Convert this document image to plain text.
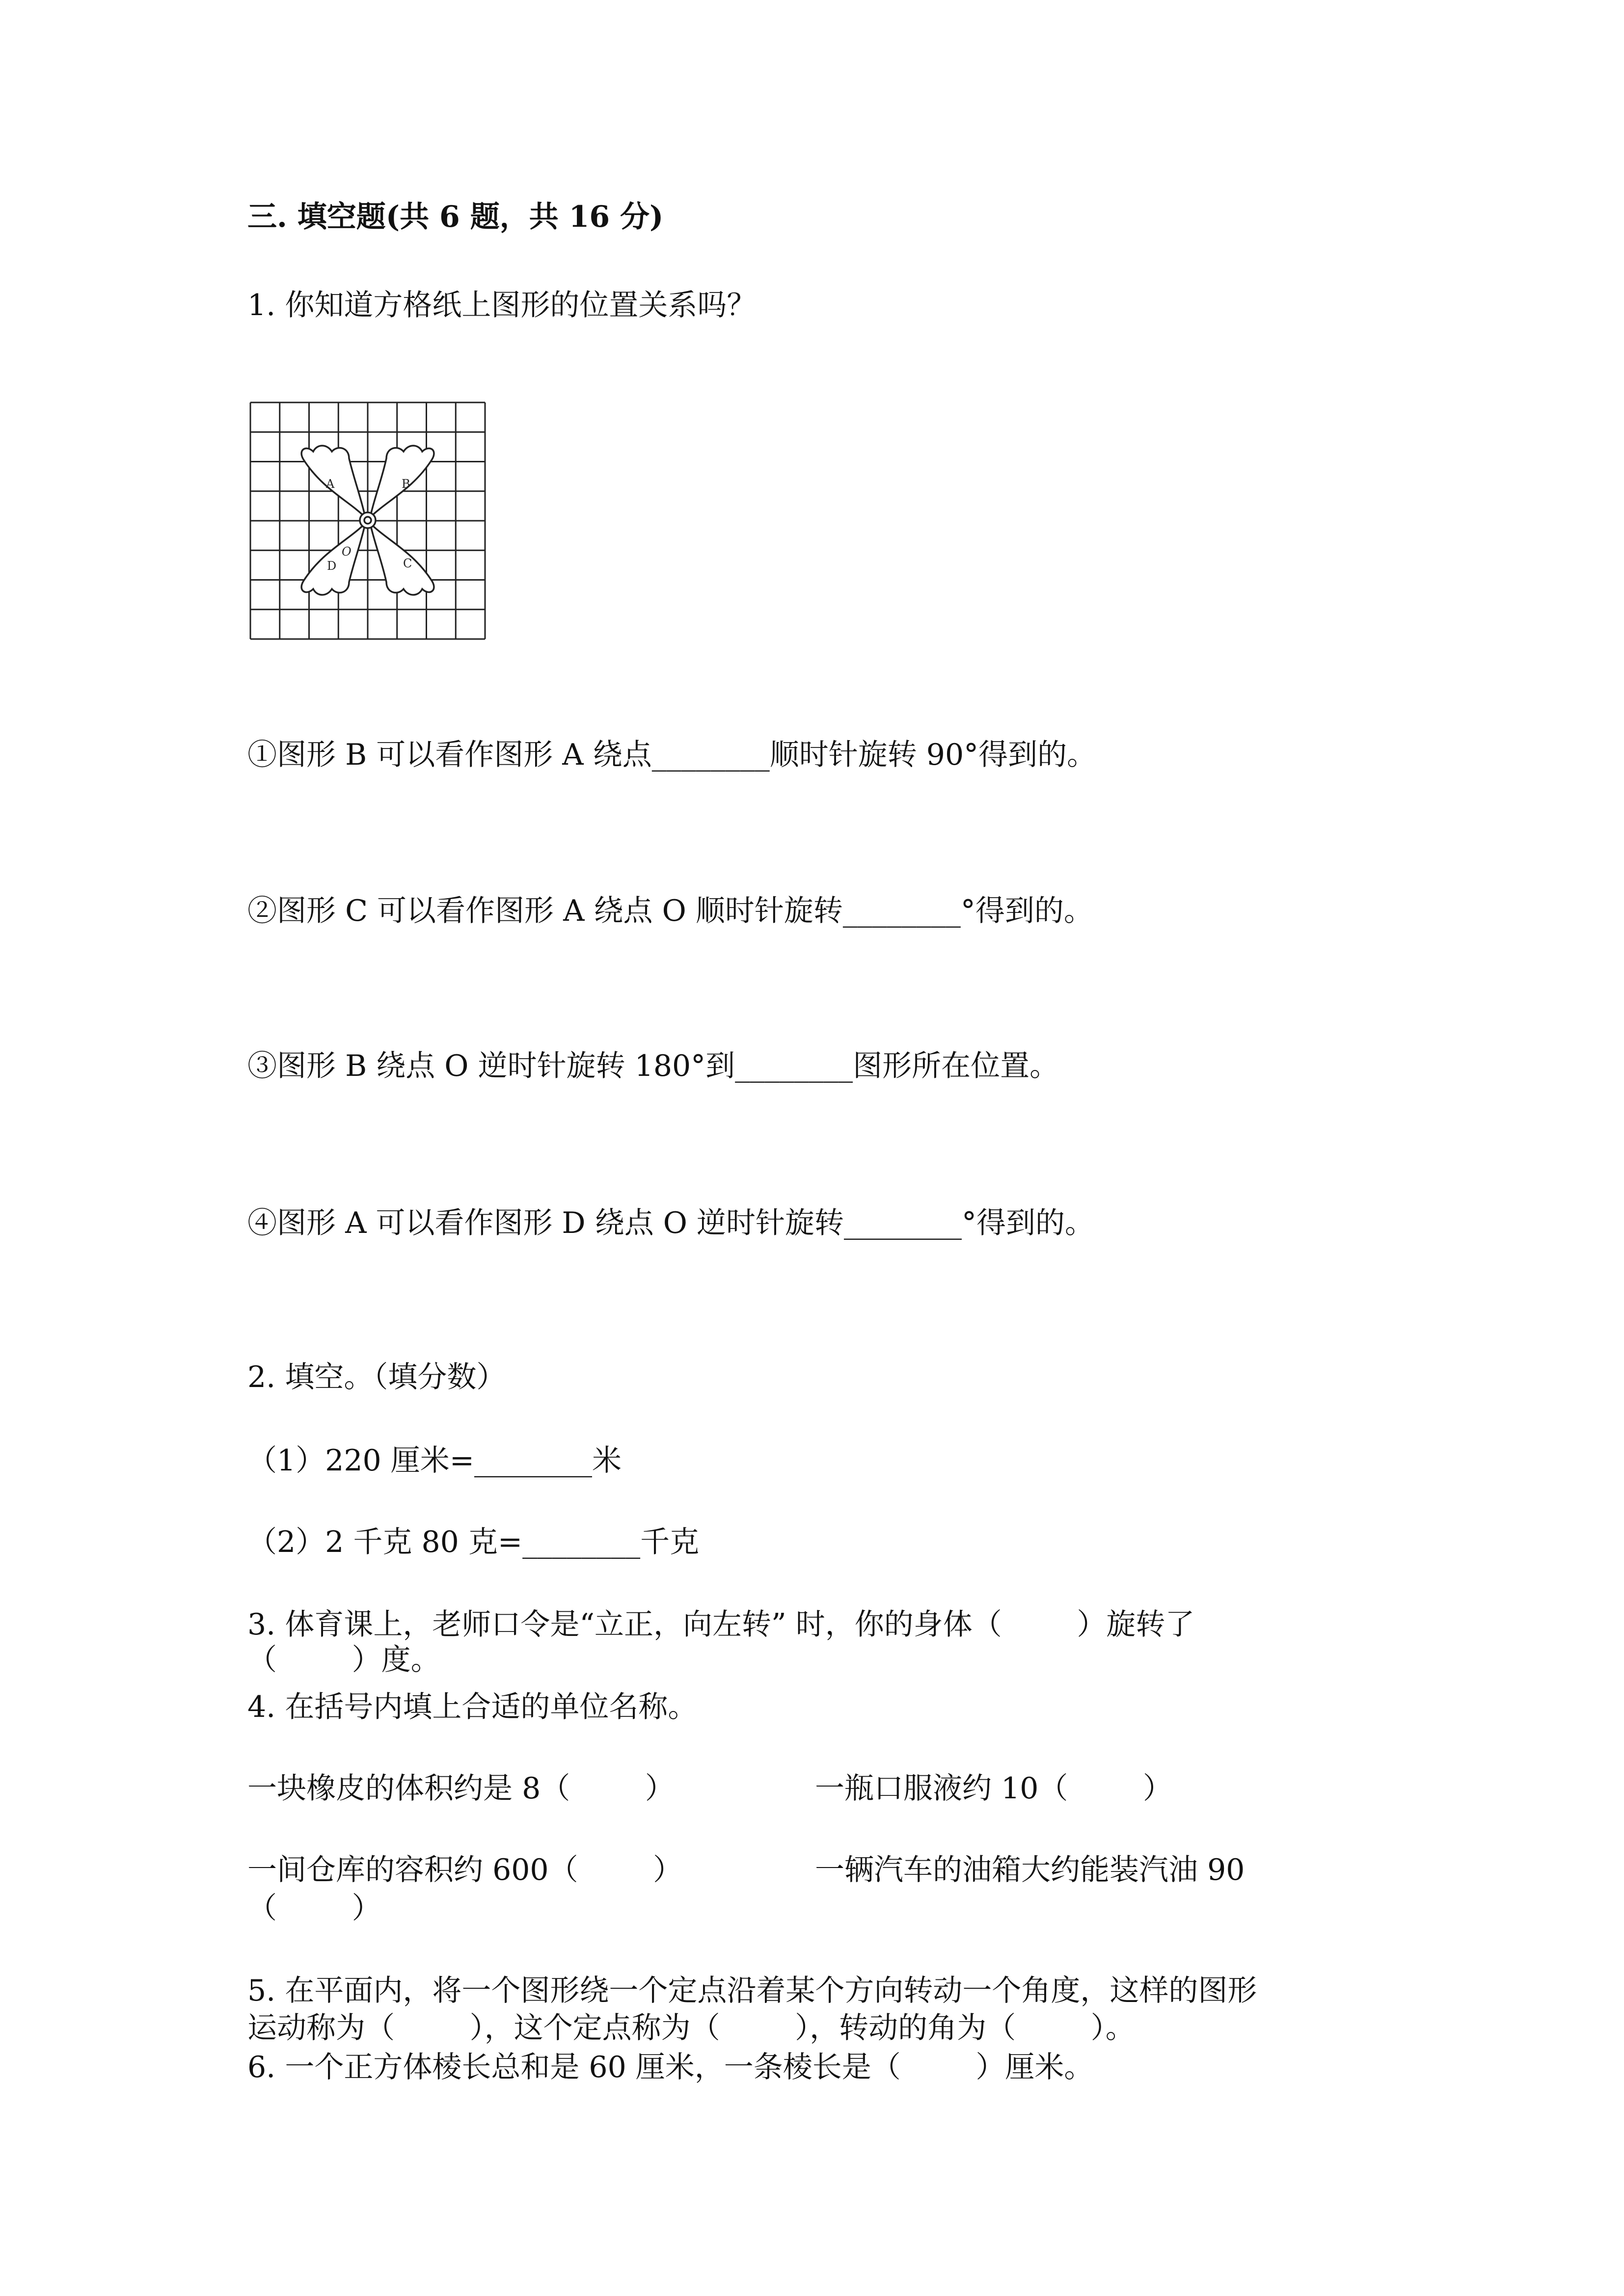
三. 填空题(共 6 题，共 16 分)
1. 你知道方格纸上图形的位置关系吗？
A	B
C
D
O
①图形 B 可以看作图形 A 绕点________顺时针旋转 90°得到的。
②图形 C 可以看作图形 A 绕点 O 顺时针旋转________°得到的。
③图形 B 绕点 O 逆时针旋转 180°到________图形所在位置。
④图形 A 可以看作图形 D 绕点 O 逆时针旋转________°得到的。
2. 填空。（填分数）
（1）220 厘米=________米
（2）2 千克 80 克=________千克
3. 体育课上，老师口令是“立正，向左转” 时，你的身体（        ）旋转了
（        ）度。
4. 在括号内填上合适的单位名称。
一块橡皮的体积约是 8（        ）	一瓶口服液约 10（        ）
一间仓库的容积约 600（        ）	一辆汽车的油箱大约能装汽油 90
（        ）
5. 在平面内，将一个图形绕一个定点沿着某个方向转动一个角度，这样的图形
运动称为（        ），这个定点称为（        ），转动的角为（        ）。
6. 一个正方体棱长总和是 60 厘米，一条棱长是（        ）厘米。
